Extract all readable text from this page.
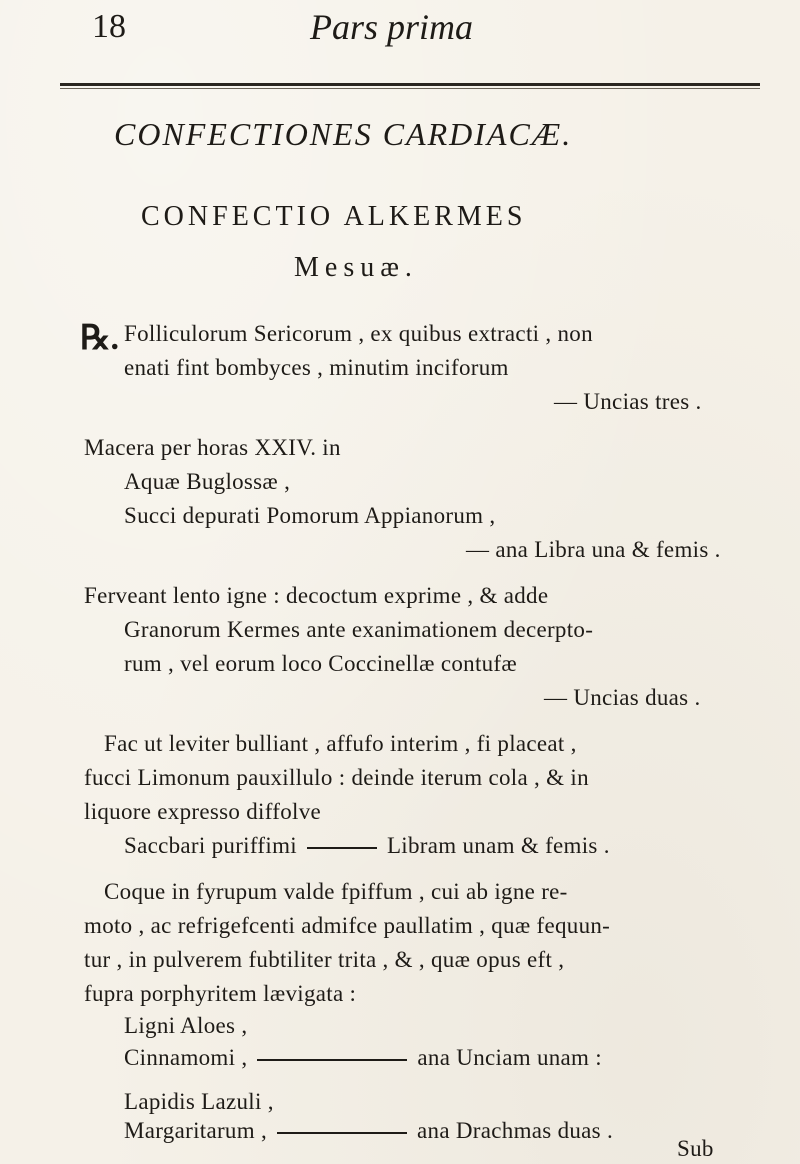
18	Pars prima
CONFECTIONES CARDIACÆ.
CONFECTIO ALKERMES
Mesuæ.
℞. Folliculorum Sericorum , ex quibus extracti , non
enati fint bombyces , minutim inciforum
— Uncias tres .
Macera per horas XXIV. in
Aquæ Buglossæ ,
Succi depurati Pomorum Appianorum ,
— ana Libra una & femis .
Ferveant lento igne : decoctum exprime , & adde
Granorum Kermes ante exanimationem decerpto-
rum , vel eorum loco Coccinellæ contufæ
— Uncias duas .
Fac ut leviter bulliant , affufo interim , fi placeat ,
fucci Limonum pauxillulo : deinde iterum cola , & in
liquore expresso diffolve
Saccbari puriffimi	Libram unam & femis .
Coque in fyrupum valde fpiffum , cui ab igne re-
moto , ac refrigefcenti admifce paullatim , quæ fequun-
tur , in pulverem fubtiliter trita , & , quæ opus eft ,
fupra porphyritem lævigata :
Ligni Aloes ,
Cinnamomi ,	ana Unciam unam :
Lapidis Lazuli ,
Margaritarum ,	ana Drachmas duas .
Sub
